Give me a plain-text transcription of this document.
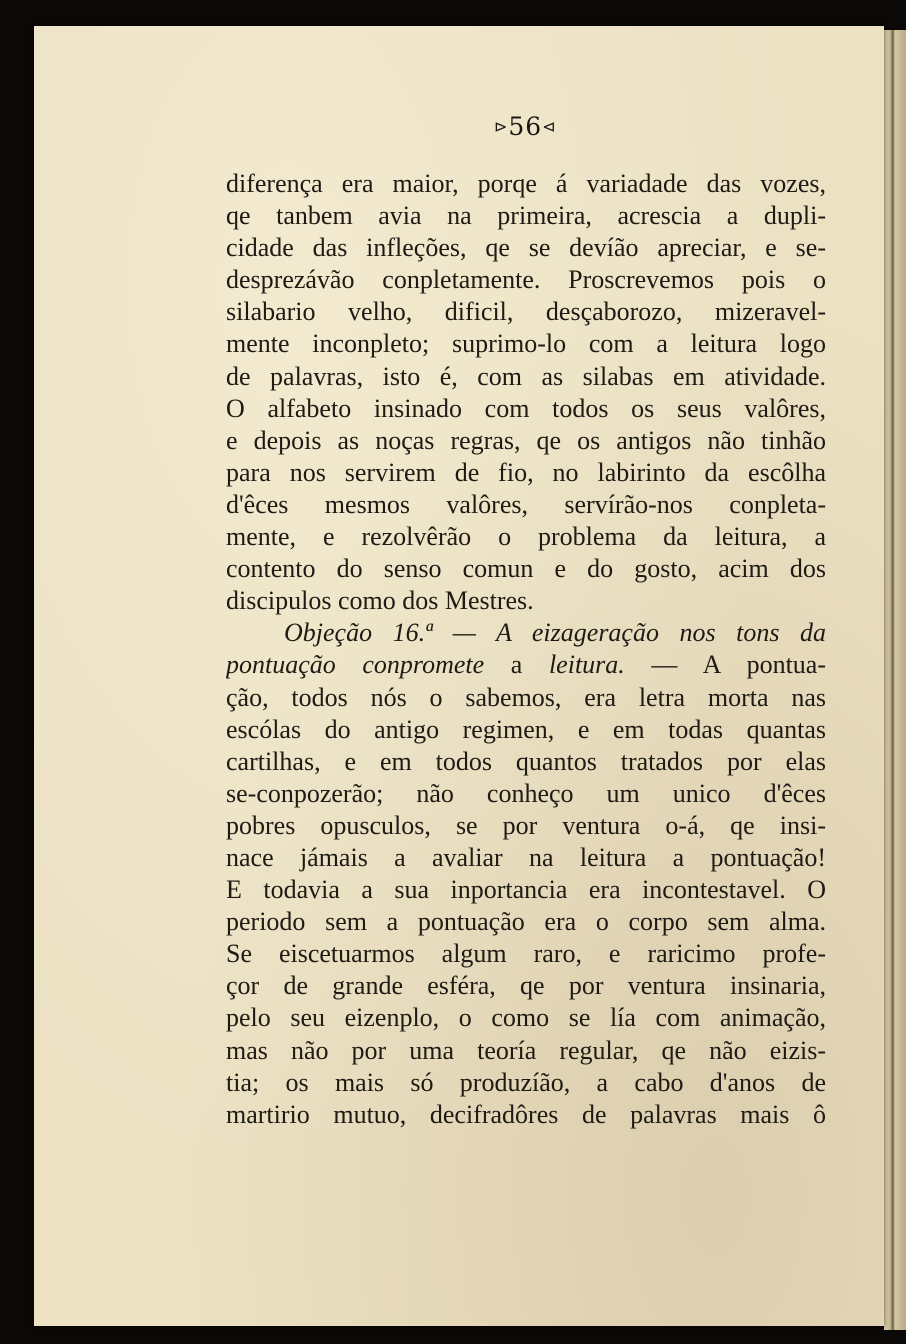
⊳56⊲
diferença era maior, porqe á variadade das vozes,
qe tanbem avia na primeira, acrescia a dupli-
cidade das infleções, qe se devíão apreciar, e se-
desprezávão conpletamente. Proscrevemos pois o
silabario velho, dificil, desçaborozo, mizeravel-
mente inconpleto; suprimo-lo com a leitura logo
de palavras, isto é, com as silabas em atividade.
O alfabeto insinado com todos os seus valôres,
e depois as noças regras, qe os antigos não tinhão
para nos servirem de fio, no labirinto da escôlha
d'êces mesmos valôres, servírão-nos conpleta-
mente, e rezolvêrão o problema da leitura, a
contento do senso comun e do gosto, acim dos
discipulos como dos Mestres.
Objeção 16.ª — A eizageração nos tons da
pontuação conpromete a leitura. — A pontua-
ção, todos nós o sabemos, era letra morta nas
escólas do antigo regimen, e em todas quantas
cartilhas, e em todos quantos tratados por elas
se-conpozerão; não conheço um unico d'êces
pobres opusculos, se por ventura o-á, qe insi-
nace jámais a avaliar na leitura a pontuação!
E todavia a sua inportancia era incontestavel. O
periodo sem a pontuação era o corpo sem alma.
Se eiscetuarmos algum raro, e raricimo profe-
çor de grande esféra, qe por ventura insinaria,
pelo seu eizenplo, o como se lía com animação,
mas não por uma teoría regular, qe não eizis-
tia; os mais só produzíão, a cabo d'anos de
martirio mutuo, decifradôres de palavras mais ô
